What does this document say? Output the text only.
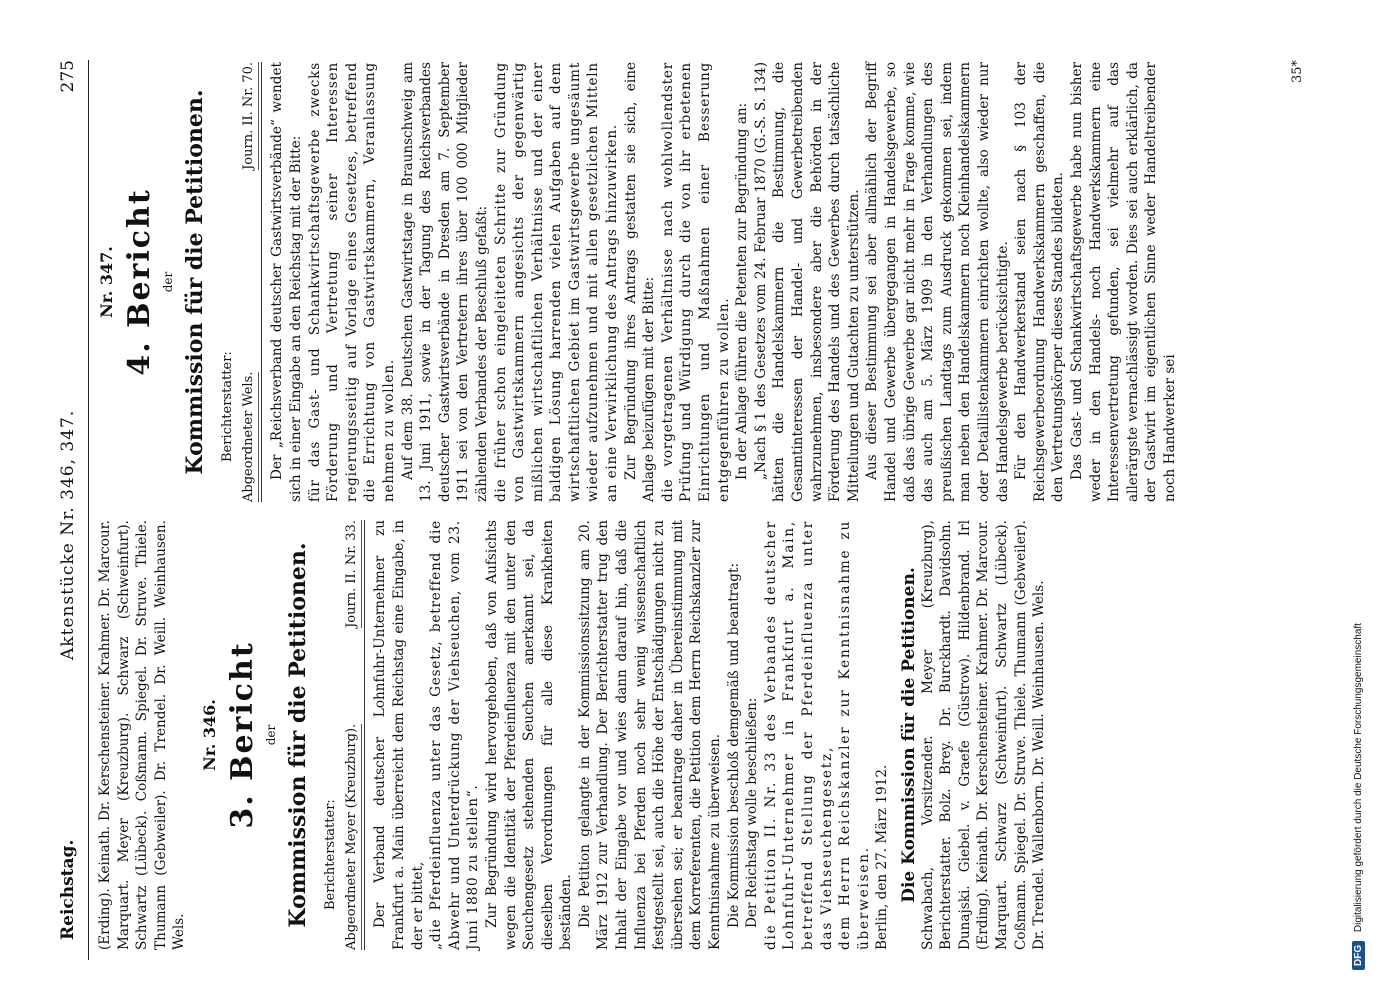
Reichstag.
Aktenstücke Nr. 346, 347.
275

(Erding). Keinath. Dr. Kerschensteiner. Krahmer. Dr. Marcour. Marquart. Meyer (Kreuzburg). Schwarz (Schweinfurt). Schwartz (Lübeck). Coßmann. Spiegel. Dr. Struve. Thiele. Thumann (Gebweiler). Dr. Trendel. Dr. Weill. Weinhausen. Wels.

Nr. 346. 3. Bericht der Kommission für die Petitionen. Berichterstatter: Abgeordneter Meyer (Kreuzburg).
Journ. II. Nr. 33. Der Verband deutscher Lohnfuhr-Unternehmer zu Frankfurt a. Main überreicht dem Reichstag eine Eingabe, in der er bittet, „die Pferdeinfluenza unter das Gesetz, betreffend die Abwehr und Unterdrückung der Viehseuchen, vom 23. Juni 1880 zu stellen“. Zur Begründung wird hervorgehoben, daß von Aufsichts wegen die Identität der Pferdeinfluenza mit den unter den Seuchengesetz stehenden Seuchen anerkannt sei, da dieselben Verordnungen für alle diese Krankheiten beständen. Die Petition gelangte in der Kommissionssitzung am 20. März 1912 zur Verhandlung. Der Berichterstatter trug den Inhalt der Eingabe vor und wies dann darauf hin, daß die Influenza bei Pferden noch sehr wenig wissenschaftlich festgestellt sei, auch die Höhe der Entschädigungen nicht zu übersehen sei; er beantrage daher in Übereinstimmung mit dem Korreferenten, die Petition dem Herrn Reichskanzler zur Kenntnisnahme zu überweisen. Die Kommission beschloß demgemäß und beantragt: Der Reichstag wolle beschließen: die Petition II. Nr. 33 des Verbandes deutscher Lohnfuhr-Unternehmer in Frankfurt a. Main, betreffend Stellung der Pferdeinfluenza unter das Viehseuchengesetz, dem Herrn Reichskanzler zur Kenntnisnahme zu überweisen. Berlin, den 27. März 1912. Die Kommission für die Petitionen. Schwabach, Vorsitzender. Meyer (Kreuzburg), Berichterstatter. Bolz. Brey. Dr. Burckhardt. Davidsohn. Dunajski. Giebel. v. Graefe (Güstrow). Hildenbrand. Irl (Erding). Keinath. Dr. Kerschensteiner. Krahmer. Dr. Marcour. Marquart. Schwarz (Schweinfurt). Schwartz (Lübeck). Coßmann. Spiegel. Dr. Struve. Thiele. Thumann (Gebweiler). Dr. Trendel. Wallenborn. Dr. Weill. Weinhausen. Wels.

Nr. 347. 4. Bericht der Kommission für die Petitionen. Berichterstatter: Abgeordneter Wels.
Journ. II. Nr. 70. Der „Reichsverband deutscher Gastwirtsverbände“ wendet sich in einer Eingabe an den Reichstag mit der Bitte: für das Gast- und Schankwirtschaftsgewerbe zwecks Förderung und Vertretung seiner Interessen regierungsseitig auf Vorlage eines Gesetzes, betreffend die Errichtung von Gastwirtskammern, Veranlassung nehmen zu wollen. Auf dem 38. Deutschen Gastwirtstage in Braunschweig am 13. Juni 1911, sowie in der Tagung des Reichsverbandes deutscher Gastwirtsverbände in Dresden am 7. September 1911 sei von den Vertretern ihres über 100 000 Mitglieder zählenden Verbandes der Beschluß gefaßt: die früher schon eingeleiteten Schritte zur Gründung von Gastwirtskammern angesichts der gegenwärtig mißlichen wirtschaftlichen Verhältnisse und der einer baldigen Lösung harrenden vielen Aufgaben auf dem wirtschaftlichen Gebiet im Gastwirtsgewerbe ungesäumt wieder aufzunehmen und mit allen gesetzlichen Mitteln an eine Verwirklichung des Antrags hinzuwirken. Zur Begründung ihres Antrags gestatten sie sich, eine Anlage beizufügen mit der Bitte: die vorgetragenen Verhältnisse nach wohlwollendster Prüfung und Würdigung durch die von ihr erbetenen Einrichtungen und Maßnahmen einer Besserung entgegenführen zu wollen. In der Anlage führen die Petenten zur Begründung an: „Nach § 1 des Gesetzes vom 24. Februar 1870 (G.-S. S. 134) hätten die Handelskammern die Bestimmung, die Gesamtinteressen der Handel- und Gewerbetreibenden wahrzunehmen, insbesondere aber die Behörden in der Förderung des Handels und des Gewerbes durch tatsächliche Mitteilungen und Gutachten zu unterstützen. Aus dieser Bestimmung sei aber allmählich der Begriff Handel und Gewerbe übergegangen in Handelsgewerbe, so daß das übrige Gewerbe gar nicht mehr in Frage komme, wie das auch am 5. März 1909 in den Verhandlungen des preußischen Landtags zum Ausdruck gekommen sei, indem man neben den Handelskammern noch Kleinhandelskammern oder Detaillistenkammern einrichten wollte, also wieder nur das Handelsgewerbe berücksichtigte. Für den Handwerkerstand seien nach § 103 der Reichsgewerbeordnung Handwerkskammern geschaffen, die den Vertretungskörper dieses Standes bildeten. Das Gast- und Schankwirtschaftsgewerbe habe nun bisher weder in den Handels- noch Handwerkskammern eine Interessenvertretung gefunden, sei vielmehr auf das allerärgste vernachlässigt worden. Dies sei auch erklärlich, da der Gastwirt im eigentlichen Sinne weder Handeltreibender noch Handwerker sei

35*
DFG Digitalisierung gefördert durch die Deutsche Forschungsgemeinschaft
